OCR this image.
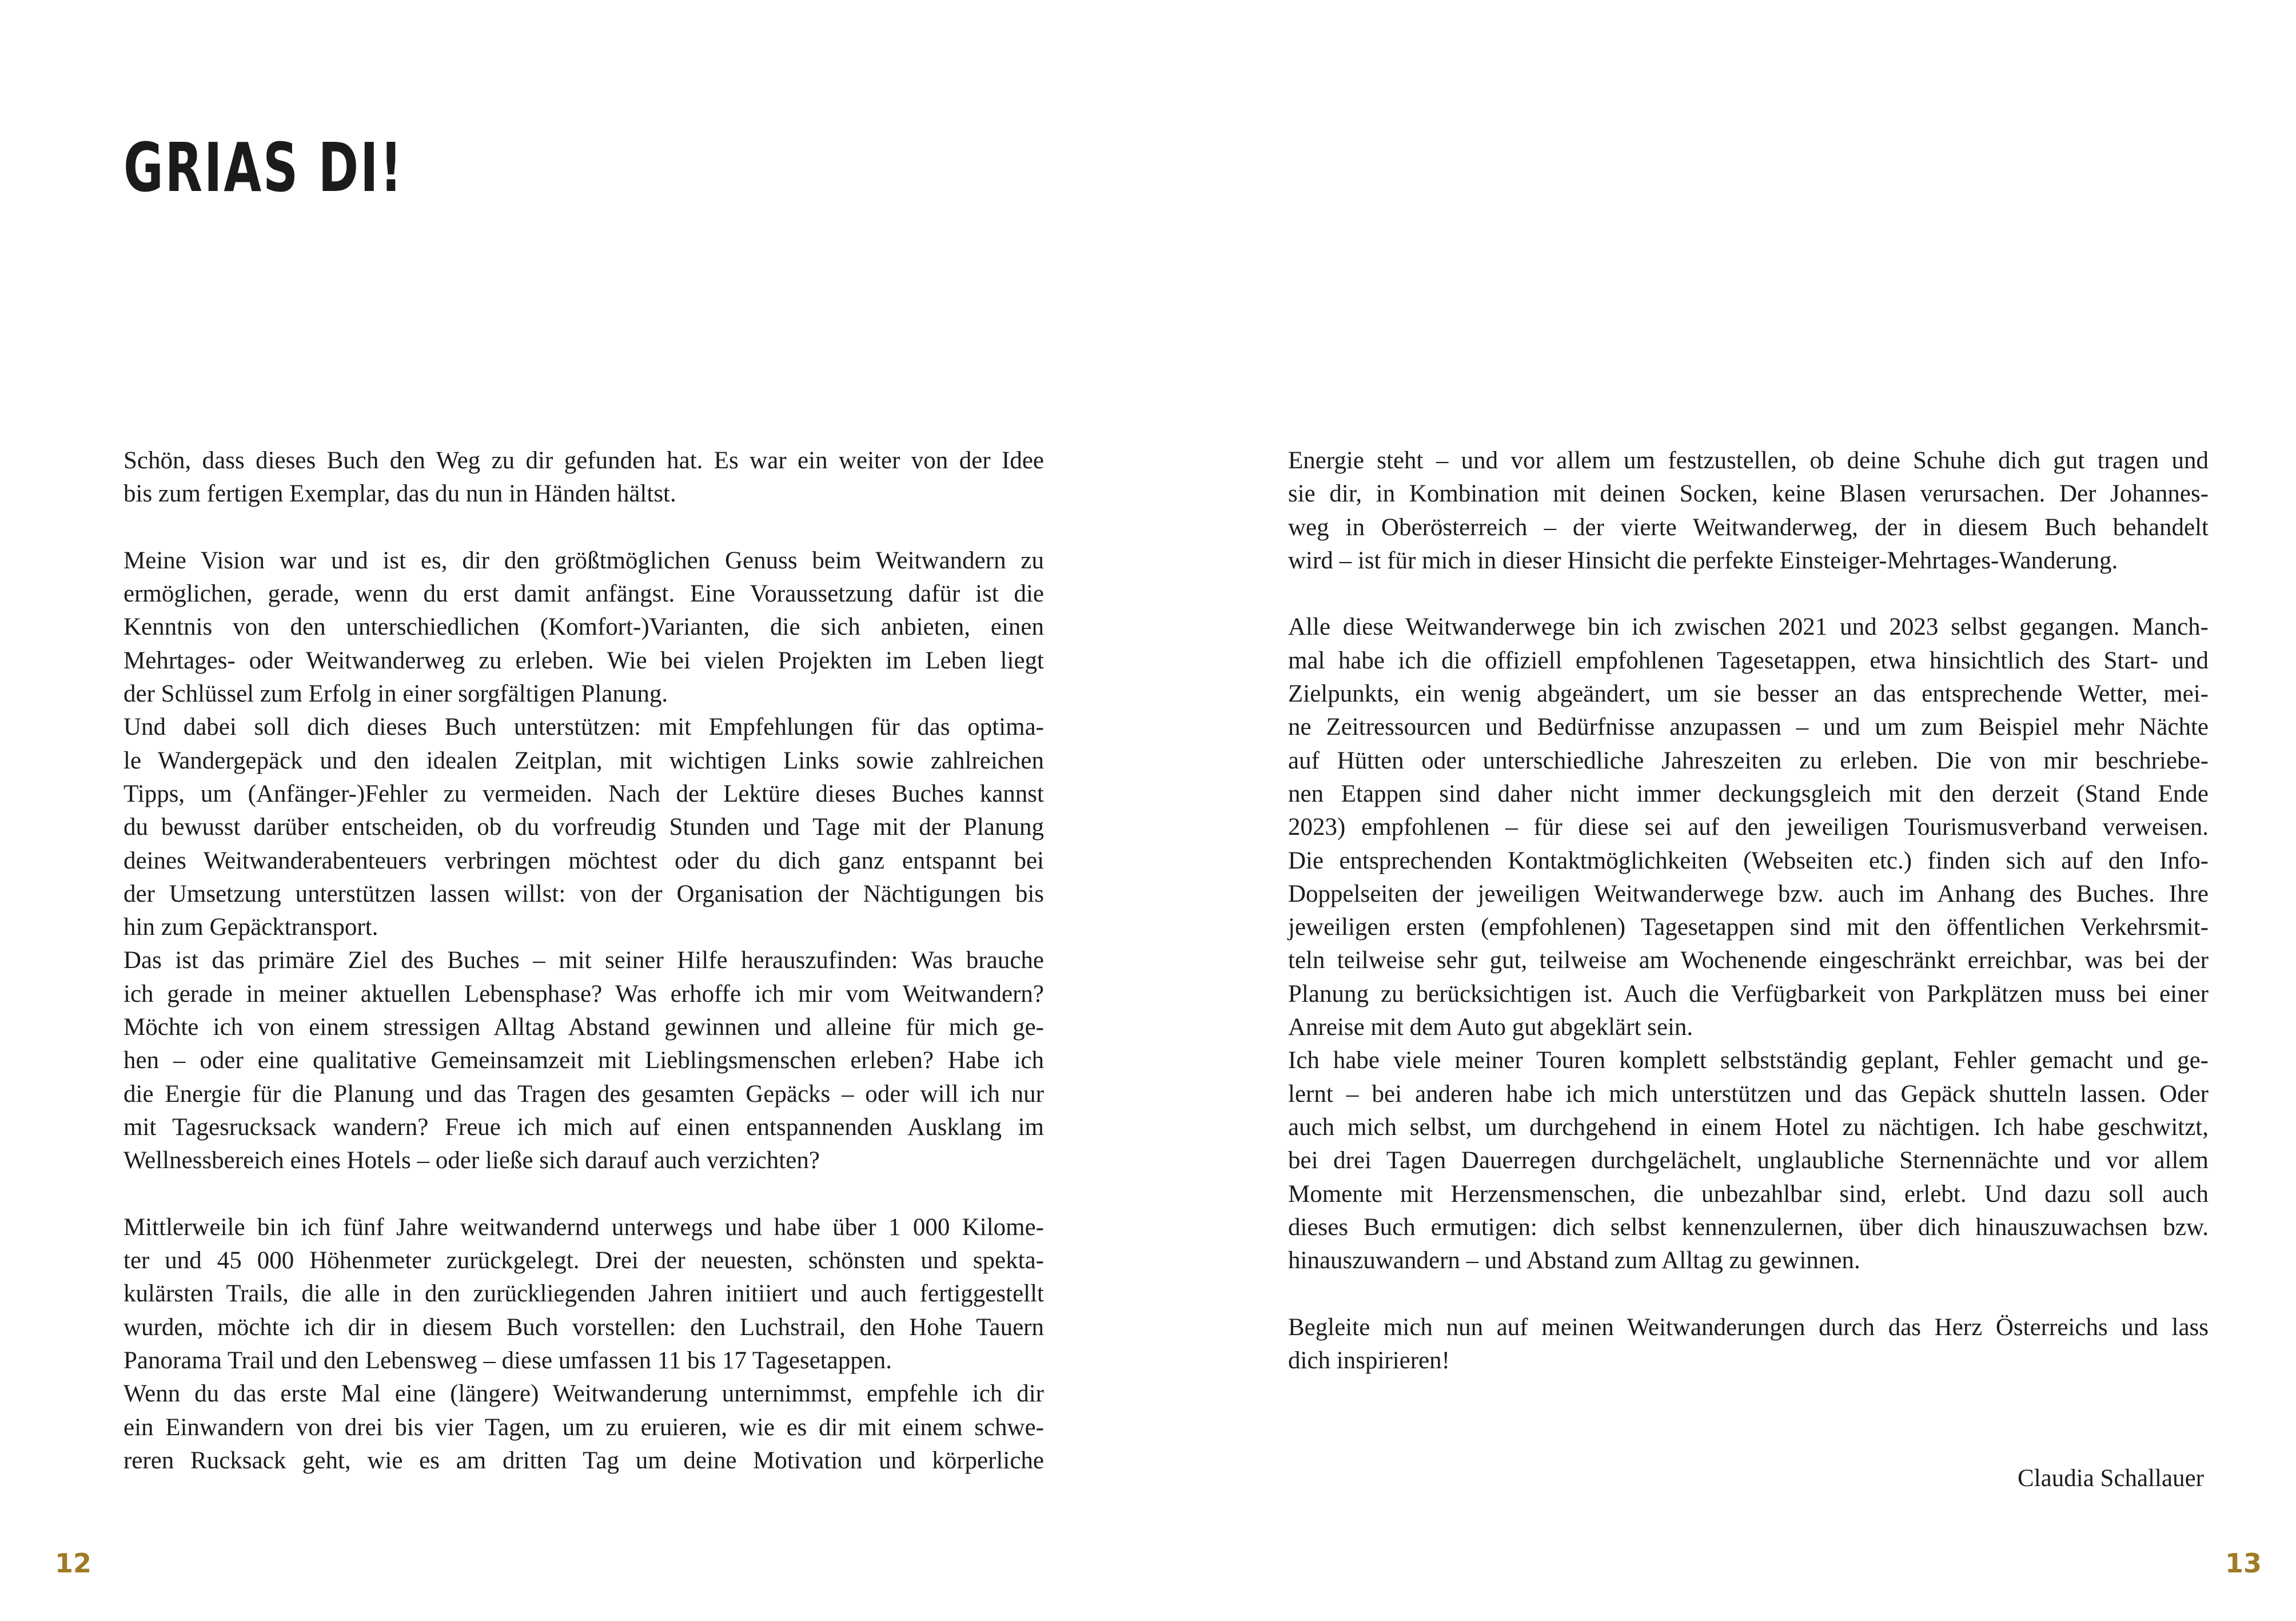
GRIAS DI!
Schön, dass dieses Buch den Weg zu dir gefunden hat. Es war ein weiter von der Idee
bis zum fertigen Exemplar, das du nun in Händen hältst.
Meine Vision war und ist es, dir den größtmöglichen Genuss beim Weitwandern zu
ermöglichen, gerade, wenn du erst damit anfängst. Eine Voraussetzung dafür ist die
Kenntnis von den unterschiedlichen (Komfort-)Varianten, die sich anbieten, einen
Mehrtages- oder Weitwanderweg zu erleben. Wie bei vielen Projekten im Leben liegt
der Schlüssel zum Erfolg in einer sorgfältigen Planung.
Und dabei soll dich dieses Buch unterstützen: mit Empfehlungen für das optima-
le Wandergepäck und den idealen Zeitplan, mit wichtigen Links sowie zahlreichen
Tipps, um (Anfänger-)Fehler zu vermeiden. Nach der Lektüre dieses Buches kannst
du bewusst darüber entscheiden, ob du vorfreudig Stunden und Tage mit der Planung
deines Weitwanderabenteuers verbringen möchtest oder du dich ganz entspannt bei
der Umsetzung unterstützen lassen willst: von der Organisation der Nächtigungen bis
hin zum Gepäcktransport.
Das ist das primäre Ziel des Buches – mit seiner Hilfe herauszufinden: Was brauche
ich gerade in meiner aktuellen Lebensphase? Was erhoffe ich mir vom Weitwandern?
Möchte ich von einem stressigen Alltag Abstand gewinnen und alleine für mich ge-
hen – oder eine qualitative Gemeinsamzeit mit Lieblingsmenschen erleben? Habe ich
die Energie für die Planung und das Tragen des gesamten Gepäcks – oder will ich nur
mit Tagesrucksack wandern? Freue ich mich auf einen entspannenden Ausklang im
Wellnessbereich eines Hotels – oder ließe sich darauf auch verzichten?
Mittlerweile bin ich fünf Jahre weitwandernd unterwegs und habe über 1 000 Kilome-
ter und 45 000 Höhenmeter zurückgelegt. Drei der neuesten, schönsten und spekta-
kulärsten Trails, die alle in den zurückliegenden Jahren initiiert und auch fertiggestellt
wurden, möchte ich dir in diesem Buch vorstellen: den Luchstrail, den Hohe Tauern
Panorama Trail und den Lebensweg – diese umfassen 11 bis 17 Tagesetappen.
Wenn du das erste Mal eine (längere) Weitwanderung unternimmst, empfehle ich dir
ein Einwandern von drei bis vier Tagen, um zu eruieren, wie es dir mit einem schwe-
reren Rucksack geht, wie es am dritten Tag um deine Motivation und körperliche
Energie steht – und vor allem um festzustellen, ob deine Schuhe dich gut tragen und
sie dir, in Kombination mit deinen Socken, keine Blasen verursachen. Der Johannes-
weg in Oberösterreich – der vierte Weitwanderweg, der in diesem Buch behandelt
wird – ist für mich in dieser Hinsicht die perfekte Einsteiger-Mehrtages-Wanderung.
Alle diese Weitwanderwege bin ich zwischen 2021 und 2023 selbst gegangen. Manch-
mal habe ich die offiziell empfohlenen Tagesetappen, etwa hinsichtlich des Start- und
Zielpunkts, ein wenig abgeändert, um sie besser an das entsprechende Wetter, mei-
ne Zeitressourcen und Bedürfnisse anzupassen – und um zum Beispiel mehr Nächte
auf Hütten oder unterschiedliche Jahreszeiten zu erleben. Die von mir beschriebe-
nen Etappen sind daher nicht immer deckungsgleich mit den derzeit (Stand Ende
2023) empfohlenen – für diese sei auf den jeweiligen Tourismusverband verweisen.
Die entsprechenden Kontaktmöglichkeiten (Webseiten etc.) finden sich auf den Info-
Doppelseiten der jeweiligen Weitwanderwege bzw. auch im Anhang des Buches. Ihre
jeweiligen ersten (empfohlenen) Tagesetappen sind mit den öffentlichen Verkehrsmit-
teln teilweise sehr gut, teilweise am Wochenende eingeschränkt erreichbar, was bei der
Planung zu berücksichtigen ist. Auch die Verfügbarkeit von Parkplätzen muss bei einer
Anreise mit dem Auto gut abgeklärt sein.
Ich habe viele meiner Touren komplett selbstständig geplant, Fehler gemacht und ge-
lernt – bei anderen habe ich mich unterstützen und das Gepäck shutteln lassen. Oder
auch mich selbst, um durchgehend in einem Hotel zu nächtigen. Ich habe geschwitzt,
bei drei Tagen Dauerregen durchgelächelt, unglaubliche Sternennächte und vor allem
Momente mit Herzensmenschen, die unbezahlbar sind, erlebt. Und dazu soll auch
dieses Buch ermutigen: dich selbst kennenzulernen, über dich hinauszuwachsen bzw.
hinauszuwandern – und Abstand zum Alltag zu gewinnen.
Begleite mich nun auf meinen Weitwanderungen durch das Herz Österreichs und lass
dich inspirieren!
Claudia Schallauer
12	13
